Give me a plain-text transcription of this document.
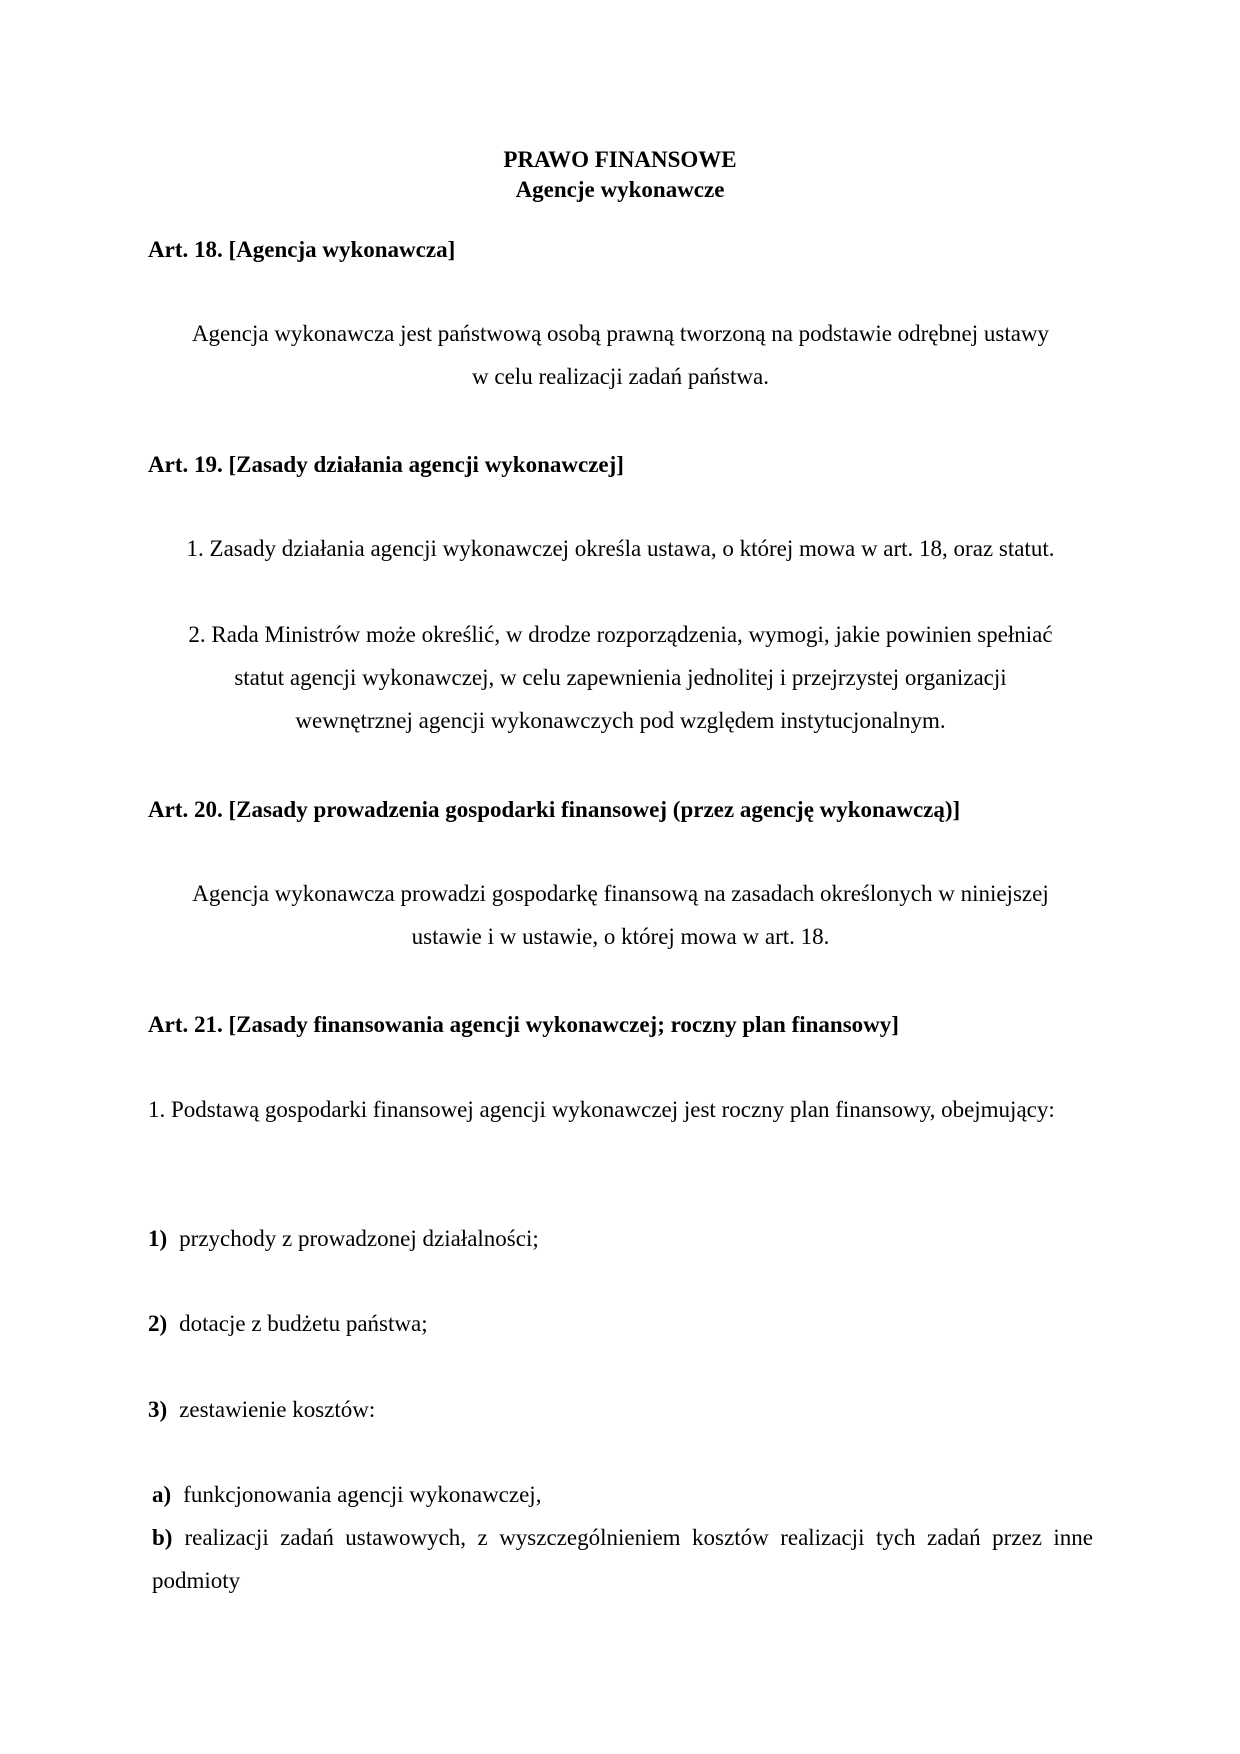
PRAWO FINANSOWE
Agencje wykonawcze
Art. 18. [Agencja wykonawcza]
Agencja wykonawcza jest państwową osobą prawną tworzoną na podstawie odrębnej ustawy
w celu realizacji zadań państwa.
Art. 19. [Zasady działania agencji wykonawczej]
1. Zasady działania agencji wykonawczej określa ustawa, o której mowa w art. 18, oraz statut.
2. Rada Ministrów może określić, w drodze rozporządzenia, wymogi, jakie powinien spełniać
statut agencji wykonawczej, w celu zapewnienia jednolitej i przejrzystej organizacji
wewnętrznej agencji wykonawczych pod względem instytucjonalnym.
Art. 20. [Zasady prowadzenia gospodarki finansowej (przez agencję wykonawczą)]
Agencja wykonawcza prowadzi gospodarkę finansową na zasadach określonych w niniejszej
ustawie i w ustawie, o której mowa w art. 18.
Art. 21. [Zasady finansowania agencji wykonawczej; roczny plan finansowy]
1. Podstawą gospodarki finansowej agencji wykonawczej jest roczny plan finansowy, obejmujący:
1) przychody z prowadzonej działalności;
2) dotacje z budżetu państwa;
3) zestawienie kosztów:
a) funkcjonowania agencji wykonawczej,
b) realizacji zadań ustawowych, z wyszczególnieniem kosztów realizacji tych zadań przez inne podmioty
